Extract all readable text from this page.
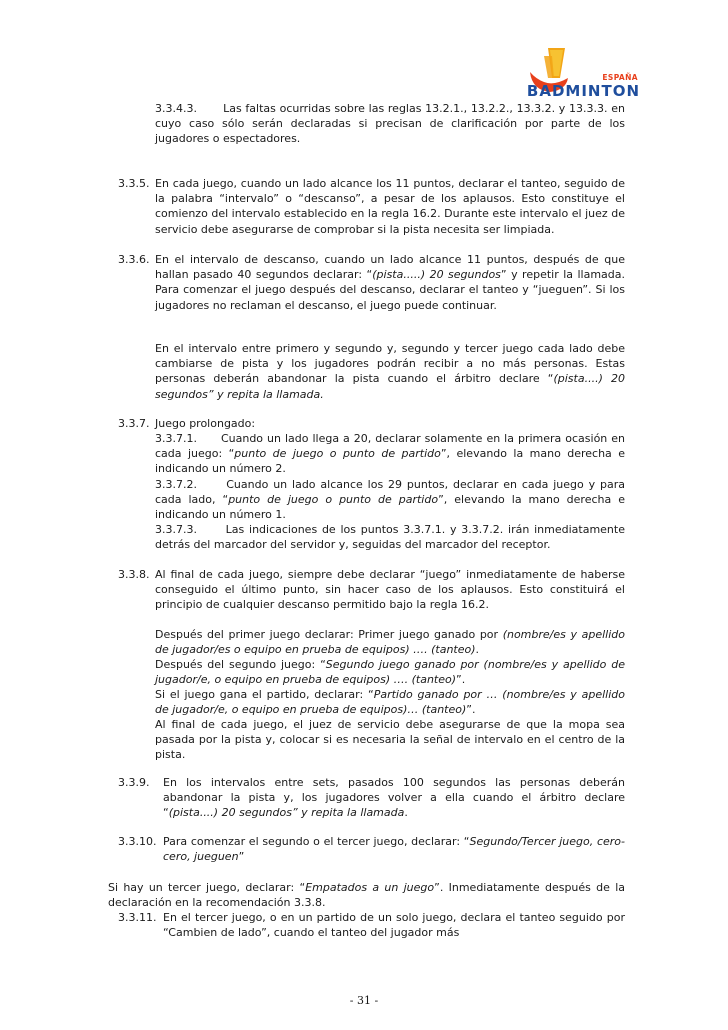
ESPAÑA
BADMINTON
3.3.4.3. Las faltas ocurridas sobre las reglas 13.2.1., 13.2.2., 13.3.2. y 13.3.3. en cuyo caso sólo serán declaradas si precisan de clarificación por parte de los jugadores o espectadores.
3.3.5. En cada juego, cuando un lado alcance los 11 puntos, declarar el tanteo, seguido de la palabra “intervalo” o “descanso”, a pesar de los aplausos. Esto constituye el comienzo del intervalo establecido en la regla 16.2. Durante este intervalo el juez de servicio debe asegurarse de comprobar si la pista necesita ser limpiada.
3.3.6. En el intervalo de descanso, cuando un lado alcance 11 puntos, después de que hallan pasado 40 segundos declarar: “(pista.....) 20 segundos” y repetir la llamada. Para comenzar el juego después del descanso, declarar el tanteo y “jueguen”. Si los jugadores no reclaman el descanso, el juego puede continuar.
En el intervalo entre primero y segundo y, segundo y tercer juego cada lado debe cambiarse de pista y los jugadores podrán recibir a no más personas. Estas personas deberán abandonar la pista cuando el árbitro declare “(pista....) 20 segundos” y repita la llamada.
3.3.7. Juego prolongado:
3.3.7.1. Cuando un lado llega a 20, declarar solamente en la primera ocasión en cada juego: “punto de juego o punto de partido”, elevando la mano derecha e indicando un número 2.
3.3.7.2.	Cuando un lado alcance los 29 puntos, declarar en cada juego y para cada lado, “punto de juego o punto de partido”, elevando la mano derecha e indicando un número 1.
3.3.7.3.	Las indicaciones de los puntos 3.3.7.1. y 3.3.7.2. irán inmediatamente detrás del marcador del servidor y, seguidas del marcador del receptor.
3.3.8. Al final de cada juego, siempre debe declarar “juego” inmediatamente de haberse conseguido el último punto, sin hacer caso de los aplausos. Esto constituirá el principio de cualquier descanso permitido bajo la regla 16.2.
Después del primer juego declarar: Primer juego ganado por (nombre/es y apellido de jugador/es o equipo en prueba de equipos) …. (tanteo).
Después del segundo juego: “Segundo juego ganado por (nombre/es y apellido de jugador/e, o equipo en prueba de equipos) …. (tanteo)”.
Si el juego gana el partido, declarar: “Partido ganado por … (nombre/es y apellido de jugador/e, o equipo en prueba de equipos)… (tanteo)”.
Al final de cada juego, el juez de servicio debe asegurarse de que la mopa sea pasada por la pista y, colocar si es necesaria la señal de intervalo en el centro de la pista.
3.3.9. En los intervalos entre sets, pasados 100 segundos las personas deberán abandonar la pista y, los jugadores volver a ella cuando el árbitro declare “(pista....) 20 segundos” y repita la llamada.
3.3.10. Para comenzar el segundo o el tercer juego, declarar: “Segundo/Tercer juego, cero-cero, jueguen”
Si hay un tercer juego, declarar: “Empatados a un juego”. Inmediatamente después de la declaración en la recomendación 3.3.8.
3.3.11. En el tercer juego, o en un partido de un solo juego, declara el tanteo seguido por “Cambien de lado”, cuando el tanteo del jugador más
- 31 -
